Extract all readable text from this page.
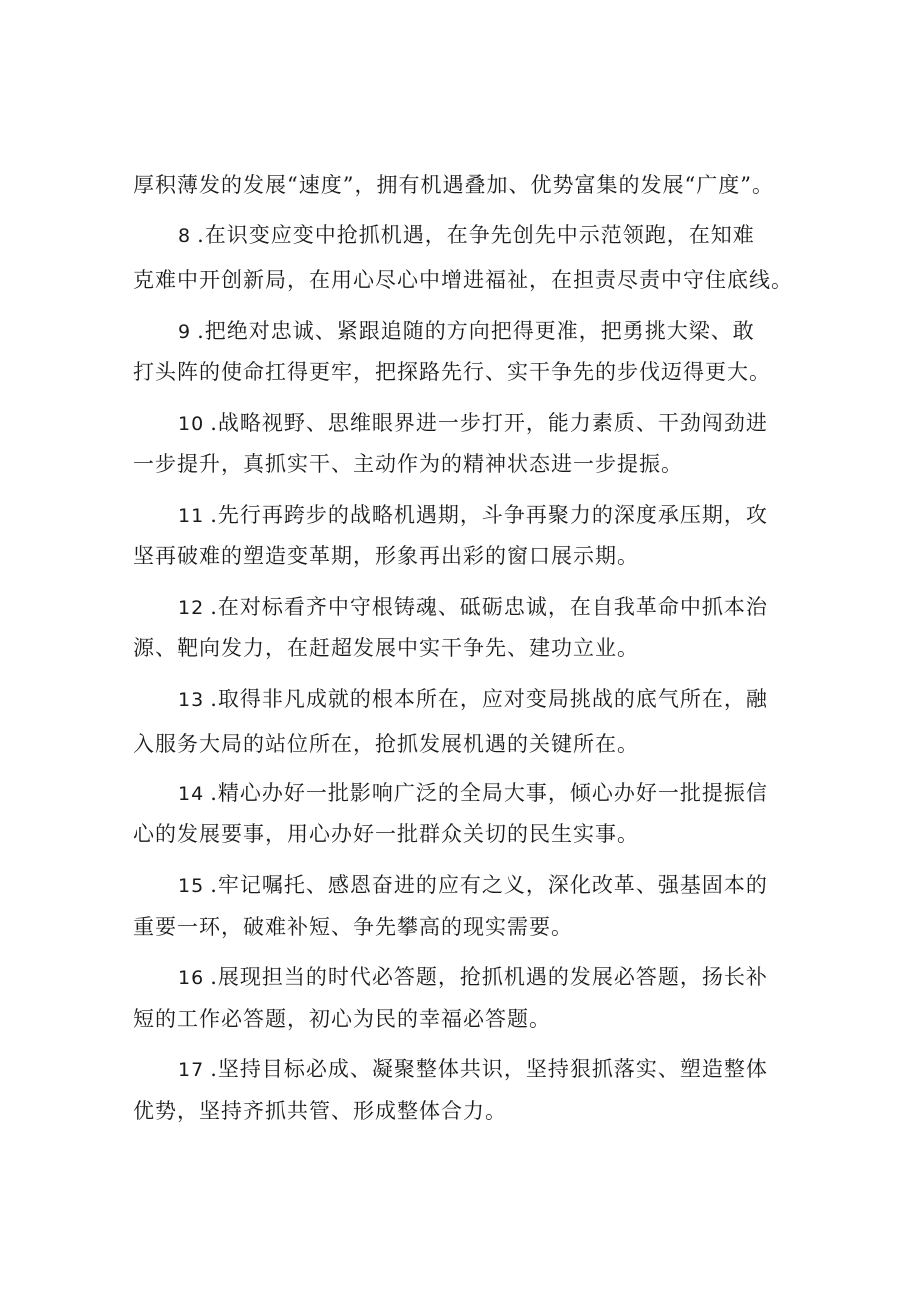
厚积薄发的发展“速度”，拥有机遇叠加、优势富集的发展“广度”。
8 .在识变应变中抢抓机遇，在争先创先中示范领跑，在知难
克难中开创新局，在用心尽心中增进福祉，在担责尽责中守住底线。
9 .把绝对忠诚、紧跟追随的方向把得更准，把勇挑大梁、敢
打头阵的使命扛得更牢，把探路先行、实干争先的步伐迈得更大。
10 .战略视野、思维眼界进一步打开，能力素质、干劲闯劲进
一步提升，真抓实干、主动作为的精神状态进一步提振。
11 .先行再跨步的战略机遇期，斗争再聚力的深度承压期，攻
坚再破难的塑造变革期，形象再出彩的窗口展示期。
12 .在对标看齐中守根铸魂、砥砺忠诚，在自我革命中抓本治
源、靶向发力，在赶超发展中实干争先、建功立业。
13 .取得非凡成就的根本所在，应对变局挑战的底气所在，融
入服务大局的站位所在，抢抓发展机遇的关键所在。
14 .精心办好一批影响广泛的全局大事，倾心办好一批提振信
心的发展要事，用心办好一批群众关切的民生实事。
15 .牢记嘱托、感恩奋进的应有之义，深化改革、强基固本的
重要一环，破难补短、争先攀高的现实需要。
16 .展现担当的时代必答题，抢抓机遇的发展必答题，扬长补
短的工作必答题，初心为民的幸福必答题。
17 .坚持目标必成、凝聚整体共识，坚持狠抓落实、塑造整体
优势，坚持齐抓共管、形成整体合力。
